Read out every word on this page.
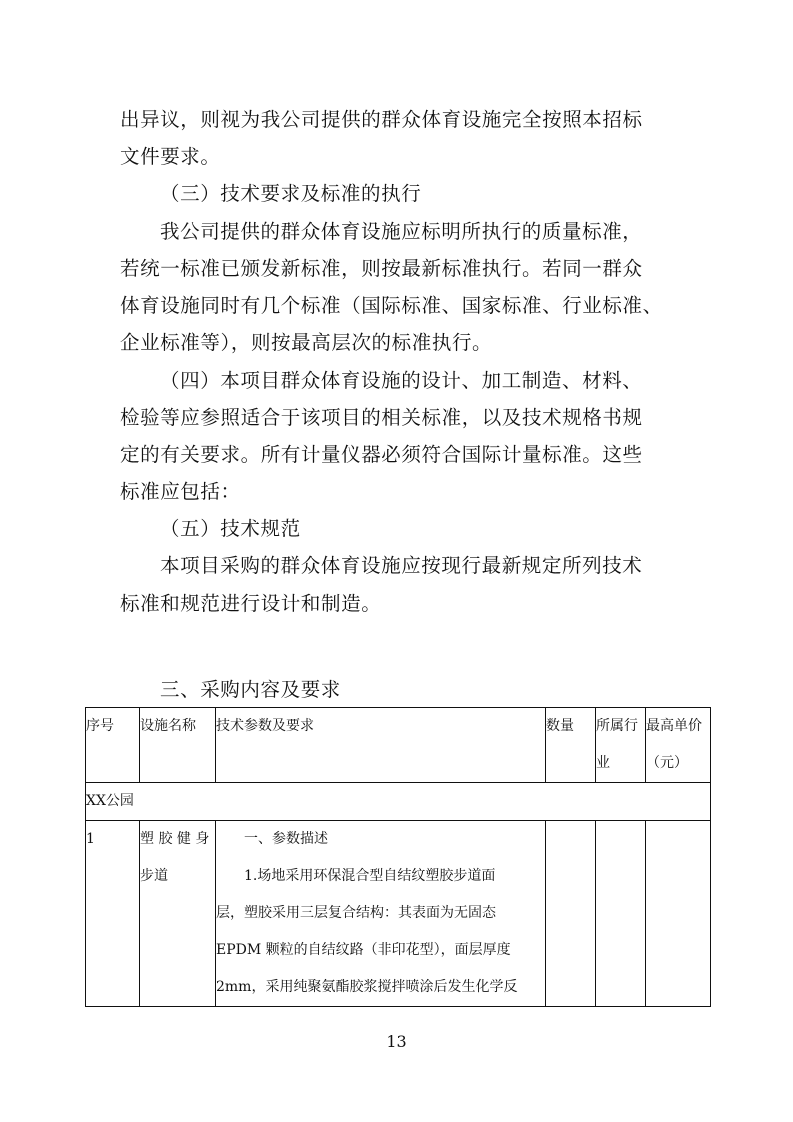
出异议，则视为我公司提供的群众体育设施完全按照本招标
文件要求。
（三）技术要求及标准的执行
我公司提供的群众体育设施应标明所执行的质量标准，
若统一标准已颁发新标准，则按最新标准执行。若同一群众
体育设施同时有几个标准（国际标准、国家标准、行业标准、
企业标准等），则按最高层次的标准执行。
（四）本项目群众体育设施的设计、加工制造、材料、
检验等应参照适合于该项目的相关标准，以及技术规格书规
定的有关要求。所有计量仪器必须符合国际计量标准。这些
标准应包括：
（五）技术规范
本项目采购的群众体育设施应按现行最新规定所列技术
标准和规范进行设计和制造。
三、采购内容及要求
序号	设施名称	技术参数及要求	数量	所属行
业

最高单价
（元）

XX公园
1	塑 胶 健 身
步道

　　一、参数描述
　　1.场地采用环保混合型自结纹塑胶步道面
层，塑胶采用三层复合结构：其表面为无固态
EPDM 颗粒的自结纹路（非印花型），面层厚度
2mm，采用纯聚氨酯胶浆搅拌喷涂后发生化学反

13
